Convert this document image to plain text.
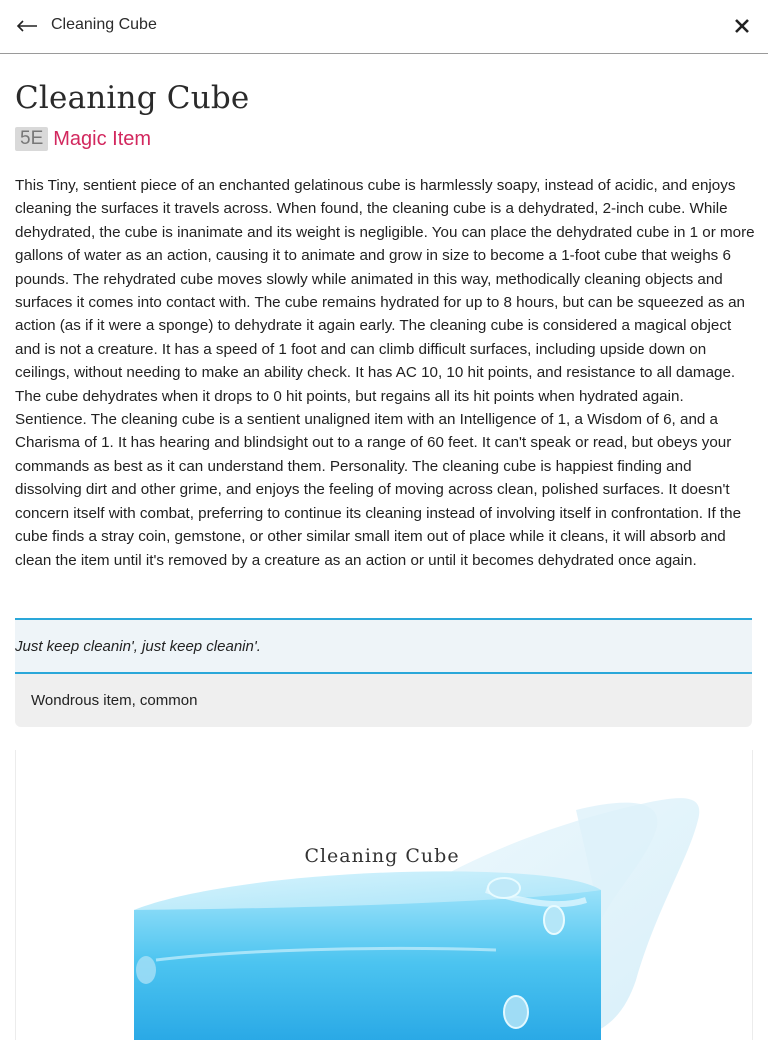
Cleaning Cube
Cleaning Cube
5E Magic Item

This Tiny, sentient piece of an enchanted gelatinous cube is harmlessly soapy, instead of acidic, and enjoys cleaning the surfaces it travels across. When found, the cleaning cube is a dehydrated, 2-inch cube. While dehydrated, the cube is inanimate and its weight is negligible. You can place the dehydrated cube in 1 or more gallons of water as an action, causing it to animate and grow in size to become a 1-foot cube that weighs 6 pounds. The rehydrated cube moves slowly while animated in this way, methodically cleaning objects and surfaces it comes into contact with. The cube remains hydrated for up to 8 hours, but can be squeezed as an action (as if it were a sponge) to dehydrate it again early. The cleaning cube is considered a magical object and is not a creature. It has a speed of 1 foot and can climb difficult surfaces, including upside down on ceilings, without needing to make an ability check. It has AC 10, 10 hit points, and resistance to all damage. The cube dehydrates when it drops to 0 hit points, but regains all its hit points when hydrated again. Sentience. The cleaning cube is a sentient unaligned item with an Intelligence of 1, a Wisdom of 6, and a Charisma of 1. It has hearing and blindsight out to a range of 60 feet. It can't speak or read, but obeys your commands as best as it can understand them. Personality. The cleaning cube is happiest finding and dissolving dirt and other grime, and enjoys the feeling of moving across clean, polished surfaces. It doesn't concern itself with combat, preferring to continue its cleaning instead of involving itself in confrontation. If the cube finds a stray coin, gemstone, or other similar small item out of place while it cleans, it will absorb and clean the item until it's removed by a creature as an action or until it becomes dehydrated once again.

Just keep cleanin', just keep cleanin'.
Wondrous item, common
Cleaning Cube
